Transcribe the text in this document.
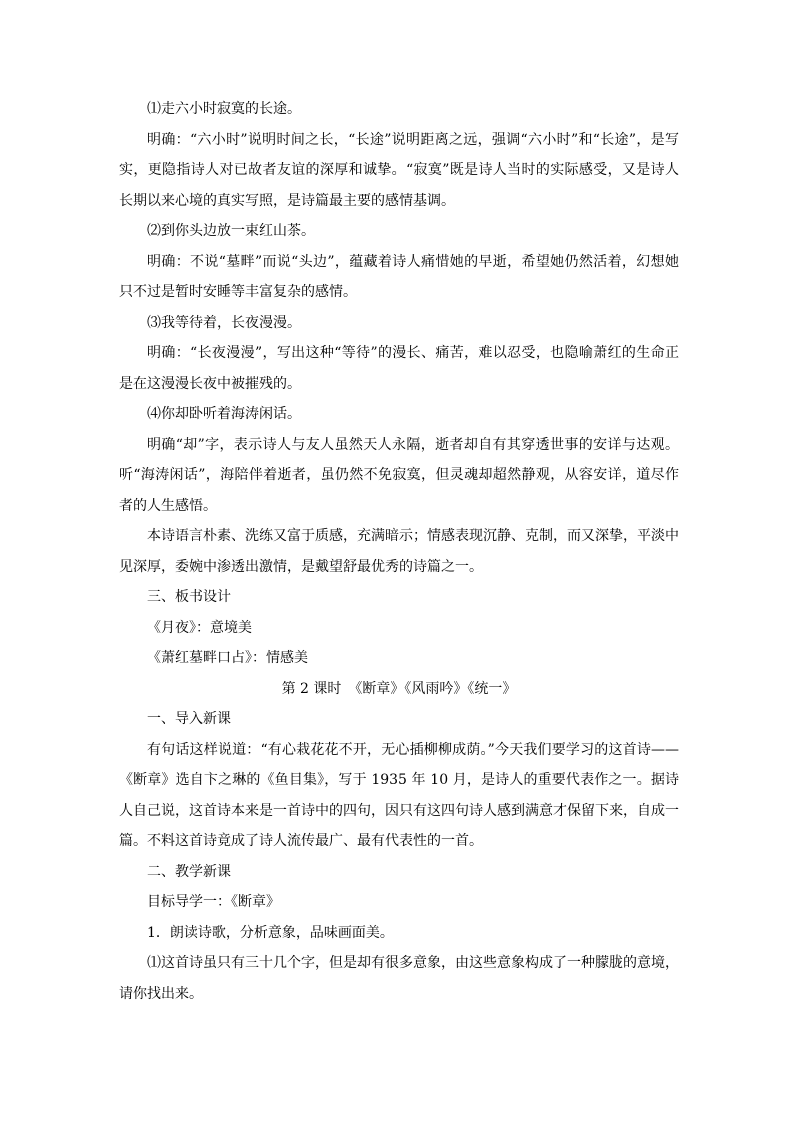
⑴走六小时寂寞的长途。

明确：“六小时”说明时间之长，“长途”说明距离之远，强调“六小时”和“长途”，是写实，更隐指诗人对已故者友谊的深厚和诚挚。“寂寞”既是诗人当时的实际感受，又是诗人长期以来心境的真实写照，是诗篇最主要的感情基调。

⑵到你头边放一束红山茶。

明确：不说“墓畔”而说“头边”，蕴藏着诗人痛惜她的早逝，希望她仍然活着，幻想她只不过是暂时安睡等丰富复杂的感情。

⑶我等待着，长夜漫漫。

明确：“长夜漫漫”，写出这种“等待”的漫长、痛苦，难以忍受，也隐喻萧红的生命正是在这漫漫长夜中被摧残的。

⑷你却卧听着海涛闲话。

明确“却”字，表示诗人与友人虽然天人永隔，逝者却自有其穿透世事的安详与达观。听“海涛闲话”，海陪伴着逝者，虽仍然不免寂寞，但灵魂却超然静观，从容安详，道尽作者的人生感悟。

本诗语言朴素、洗练又富于质感，充满暗示；情感表现沉静、克制，而又深挚，平淡中见深厚，委婉中渗透出激情，是戴望舒最优秀的诗篇之一。

三、板书设计

《月夜》：意境美

《萧红墓畔口占》：情感美

第 2 课时　《断章》《风雨吟》《统一》

一、导入新课

有句话这样说道：“有心栽花花不开，无心插柳柳成荫。”今天我们要学习的这首诗——《断章》选自卞之琳的《鱼目集》，写于 1935 年 10 月，是诗人的重要代表作之一。据诗人自己说，这首诗本来是一首诗中的四句，因只有这四句诗人感到满意才保留下来，自成一篇。不料这首诗竟成了诗人流传最广、最有代表性的一首。

二、教学新课

目标导学一：《断章》

1．朗读诗歌，分析意象，品味画面美。

⑴这首诗虽只有三十几个字，但是却有很多意象，由这些意象构成了一种朦胧的意境，请你找出来。
